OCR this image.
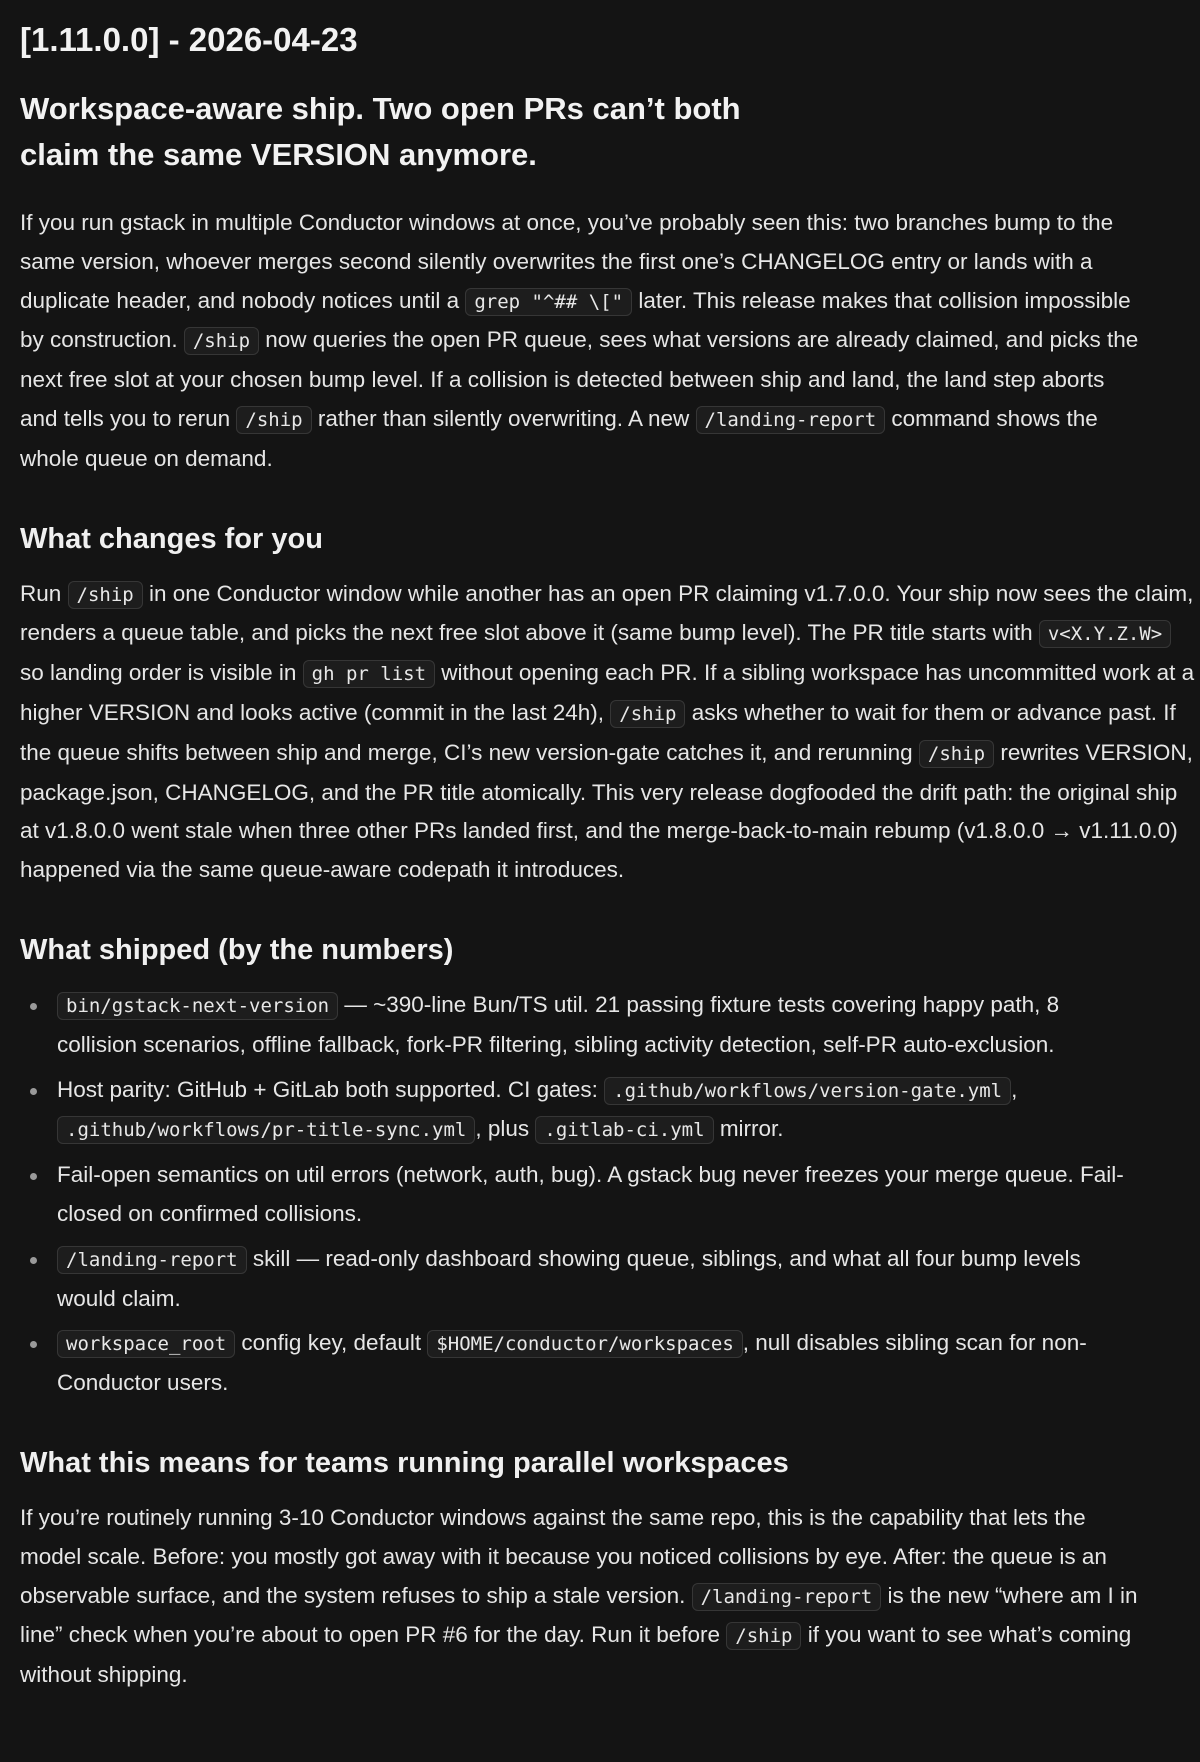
[1.11.0.0] - 2026-04-23
Workspace-aware ship. Two open PRs can’t both claim the same VERSION anymore.

If you run gstack in multiple Conductor windows at once, you’ve probably seen this: two branches bump to the same version, whoever merges second silently overwrites the first one’s CHANGELOG entry or lands with a duplicate header, and nobody notices until a grep "^## \[" later. This release makes that collision impossible by construction. /ship now queries the open PR queue, sees what versions are already claimed, and picks the next free slot at your chosen bump level. If a collision is detected between ship and land, the land step aborts and tells you to rerun /ship rather than silently overwriting. A new /landing-report command shows the whole queue on demand.

What changes for you

Run /ship in one Conductor window while another has an open PR claiming v1.7.0.0. Your ship now sees the claim, renders a queue table, and picks the next free slot above it (same bump level). The PR title starts with v<X.Y.Z.W> so landing order is visible in gh pr list without opening each PR. If a sibling workspace has uncommitted work at a higher VERSION and looks active (commit in the last 24h), /ship asks whether to wait for them or advance past. If the queue shifts between ship and merge, CI’s new version-gate catches it, and rerunning /ship rewrites VERSION, package.json, CHANGELOG, and the PR title atomically. This very release dogfooded the drift path: the original ship at v1.8.0.0 went stale when three other PRs landed first, and the merge-back-to-main rebump (v1.8.0.0 → v1.11.0.0) happened via the same queue-aware codepath it introduces.

What shipped (by the numbers)
bin/gstack-next-version — ~390-line Bun/TS util. 21 passing fixture tests covering happy path, 8 collision scenarios, offline fallback, fork-PR filtering, sibling activity detection, self-PR auto-exclusion.
Host parity: GitHub + GitLab both supported. CI gates: .github/workflows/version-gate.yml , .github/workflows/pr-title-sync.yml , plus .gitlab-ci.yml mirror.
Fail-open semantics on util errors (network, auth, bug). A gstack bug never freezes your merge queue. Fail-closed on confirmed collisions.
/landing-report skill — read-only dashboard showing queue, siblings, and what all four bump levels would claim.
workspace_root config key, default $HOME/conductor/workspaces , null disables sibling scan for non-Conductor users.
What this means for teams running parallel workspaces

If you’re routinely running 3-10 Conductor windows against the same repo, this is the capability that lets the model scale. Before: you mostly got away with it because you noticed collisions by eye. After: the queue is an observable surface, and the system refuses to ship a stale version. /landing-report is the new “where am I in line” check when you’re about to open PR #6 for the day. Run it before /ship if you want to see what’s coming without shipping.
